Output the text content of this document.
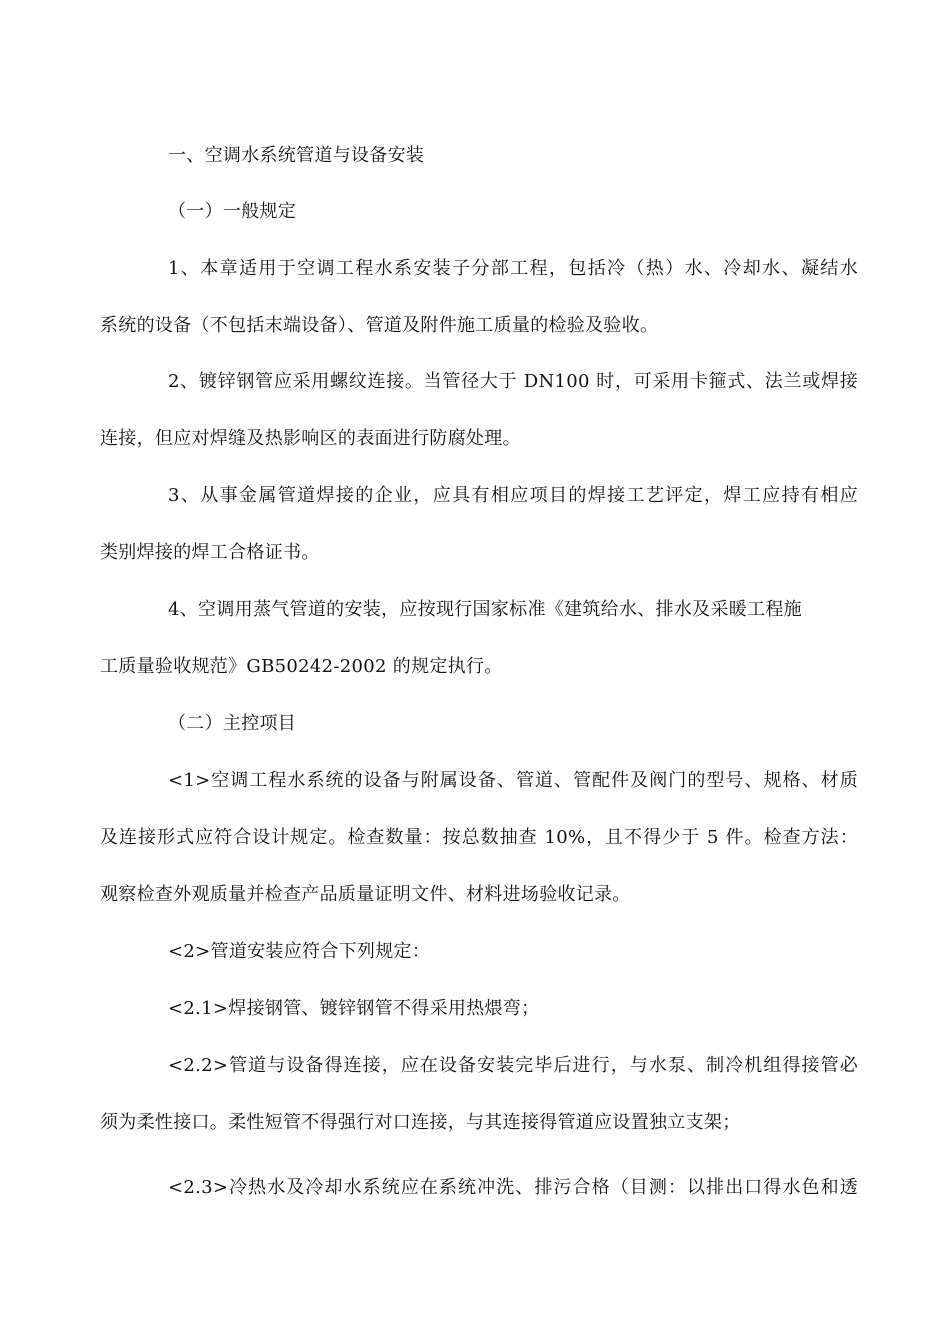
一、空调水系统管道与设备安装
（一）一般规定
1、本章适用于空调工程水系安装子分部工程，包括冷（热）水、冷却水、凝结水
系统的设备（不包括末端设备）、管道及附件施工质量的检验及验收。
2、镀锌钢管应采用螺纹连接。当管径大于 DN100 时，可采用卡箍式、法兰或焊接
连接，但应对焊缝及热影响区的表面进行防腐处理。
3、从事金属管道焊接的企业，应具有相应项目的焊接工艺评定，焊工应持有相应
类别焊接的焊工合格证书。
4、空调用蒸气管道的安装，应按现行国家标准《建筑给水、排水及采暖工程施
工质量验收规范》GB50242-2002 的规定执行。
（二）主控项目
<1>空调工程水系统的设备与附属设备、管道、管配件及阀门的型号、规格、材质
及连接形式应符合设计规定。检查数量：按总数抽查 10%，且不得少于 5 件。检查方法：
观察检查外观质量并检查产品质量证明文件、材料进场验收记录。
<2>管道安装应符合下列规定：
<2.1>焊接钢管、镀锌钢管不得采用热煨弯；
<2.2>管道与设备得连接，应在设备安装完毕后进行，与水泵、制冷机组得接管必
须为柔性接口。柔性短管不得强行对口连接，与其连接得管道应设置独立支架；
<2.3>冷热水及冷却水系统应在系统冲洗、排污合格（目测：以排出口得水色和透
